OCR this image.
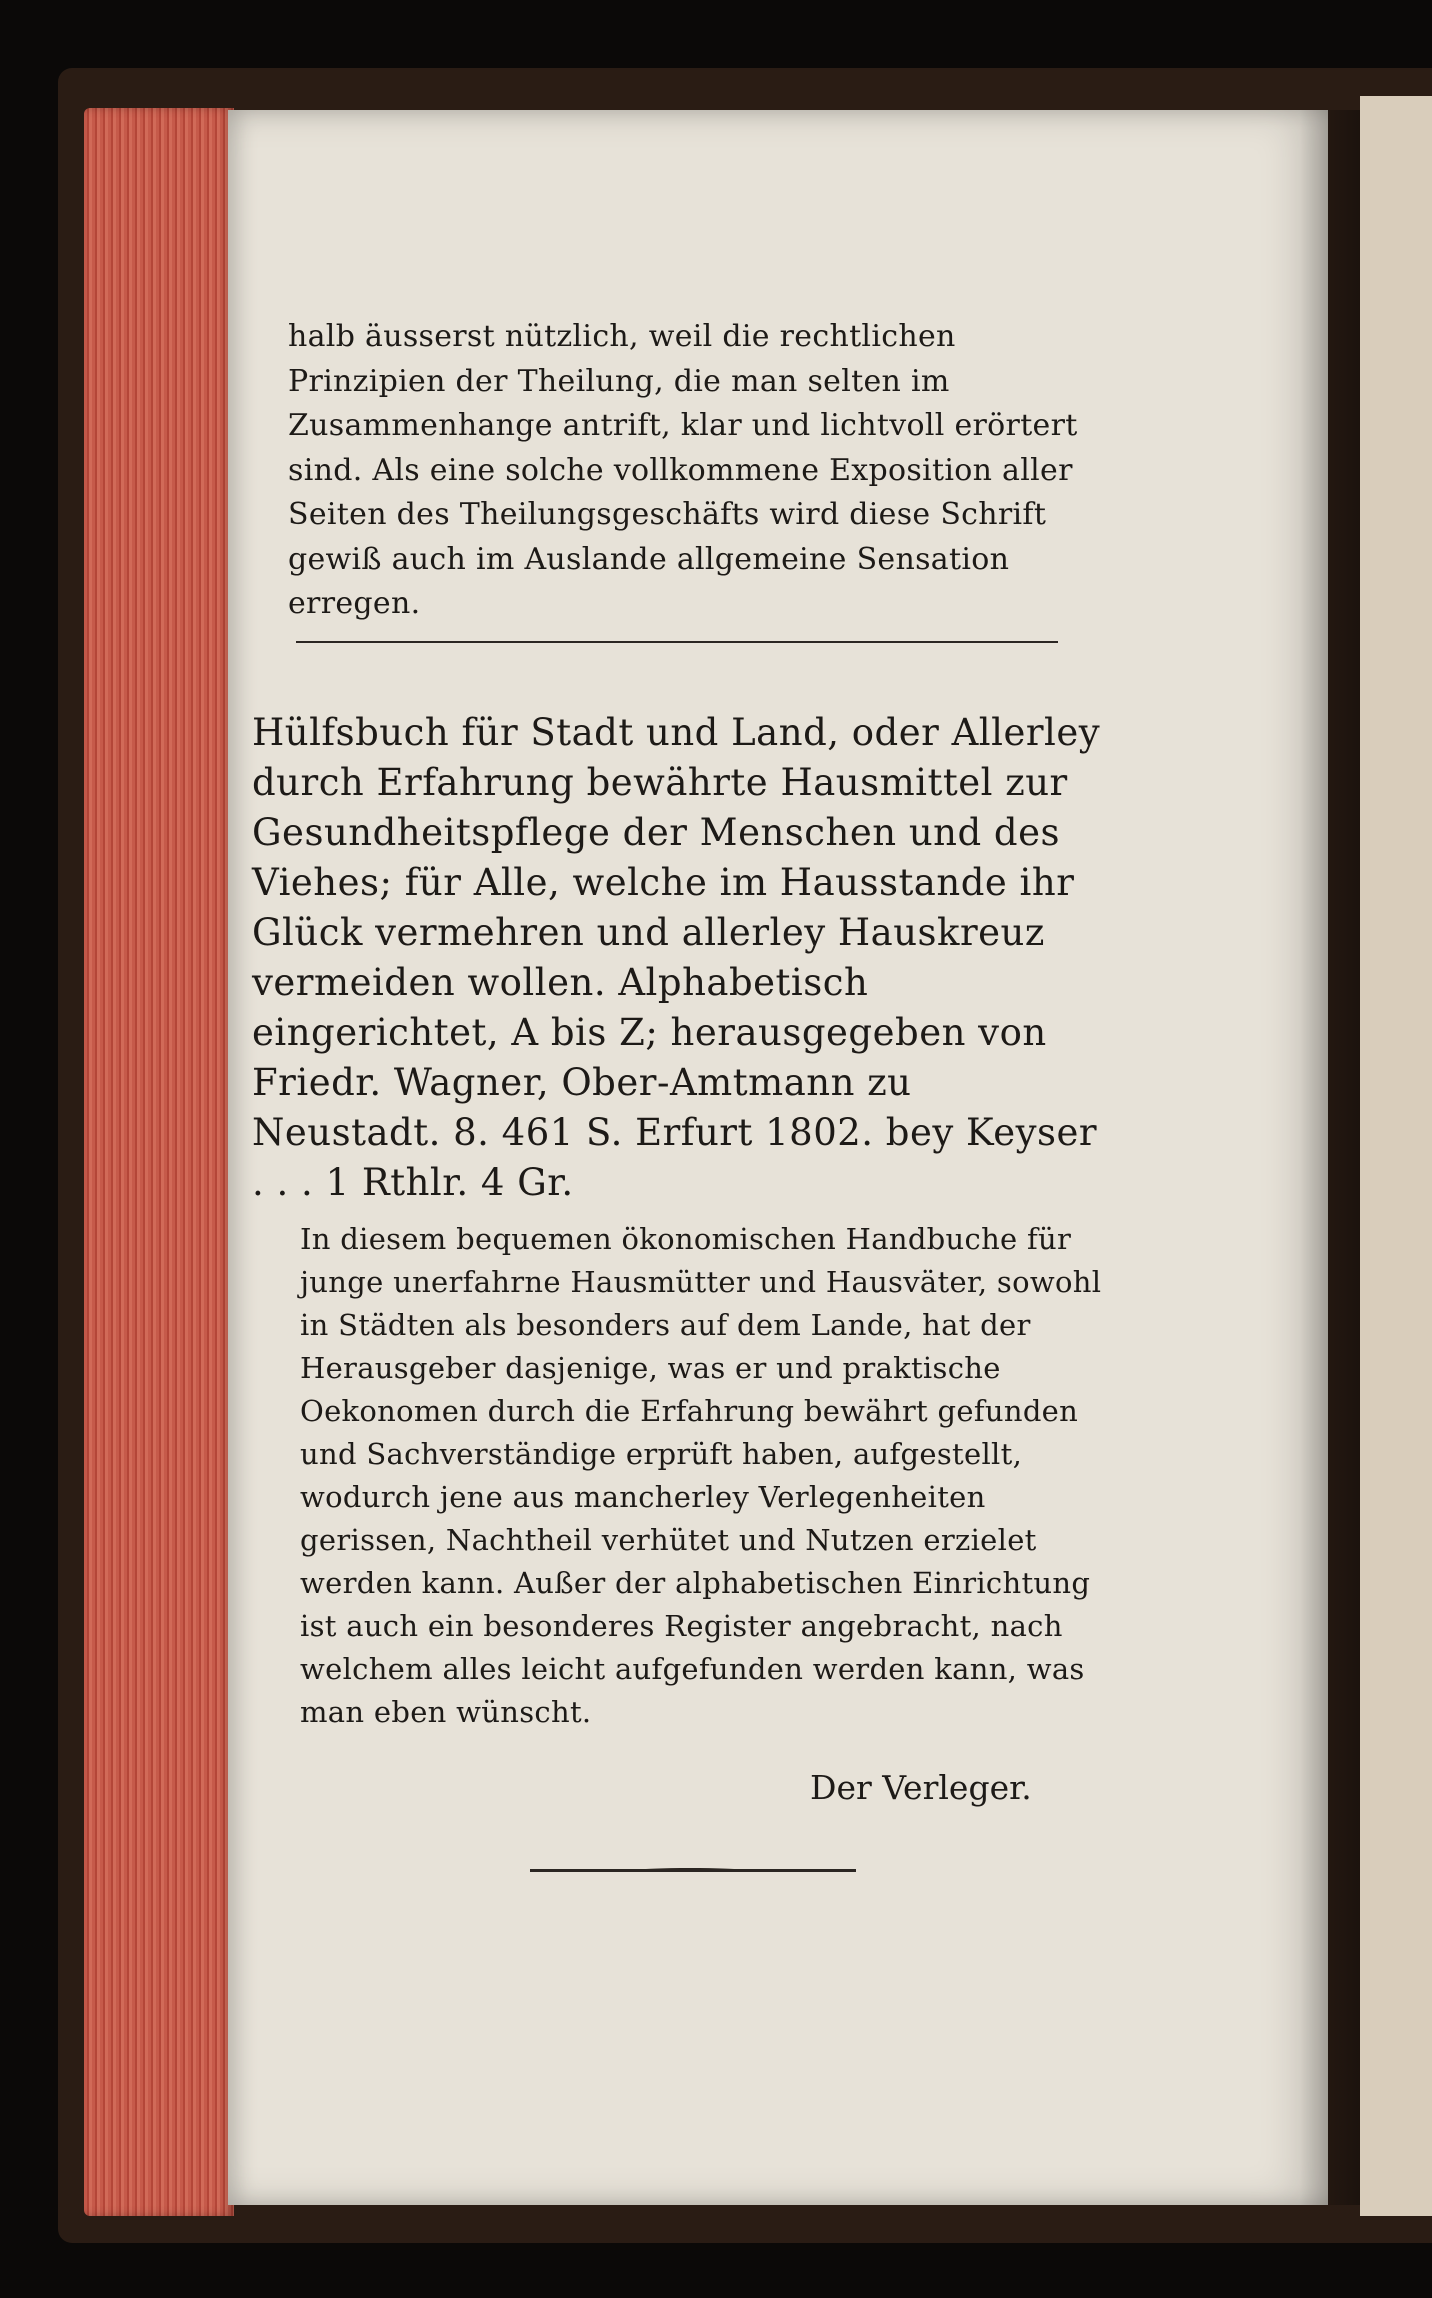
halb äusserst nützlich, weil die rechtlichen Prinzipien der Theilung, die man selten im Zusammenhange antrift, klar und lichtvoll erörtert sind. Als eine solche vollkommene Exposition aller Seiten des Theilungsgeschäfts wird diese Schrift gewiß auch im Auslande allgemeine Sensation erregen.
Hülfsbuch für Stadt und Land, oder Allerley durch Erfahrung bewährte Hausmittel zur Gesundheitspflege der Menschen und des Viehes; für Alle, welche im Hausstande ihr Glück vermehren und allerley Hauskreuz vermeiden wollen. Alphabetisch eingerichtet, A bis Z; herausgegeben von Friedr. Wagner, Ober-Amtmann zu Neustadt. 8. 461 S. Erfurt 1802. bey Keyser . . . 1 Rthlr. 4 Gr.
In diesem bequemen ökonomischen Handbuche für junge unerfahrne Hausmütter und Hausväter, sowohl in Städten als besonders auf dem Lande, hat der Herausgeber dasjenige, was er und praktische Oekonomen durch die Erfahrung bewährt gefunden und Sachverständige erprüft haben, aufgestellt, wodurch jene aus mancherley Verlegenheiten gerissen, Nachtheil verhütet und Nutzen erzielet werden kann. Außer der alphabetischen Einrichtung ist auch ein besonderes Register angebracht, nach welchem alles leicht aufgefunden werden kann, was man eben wünscht.
Der Verleger.
